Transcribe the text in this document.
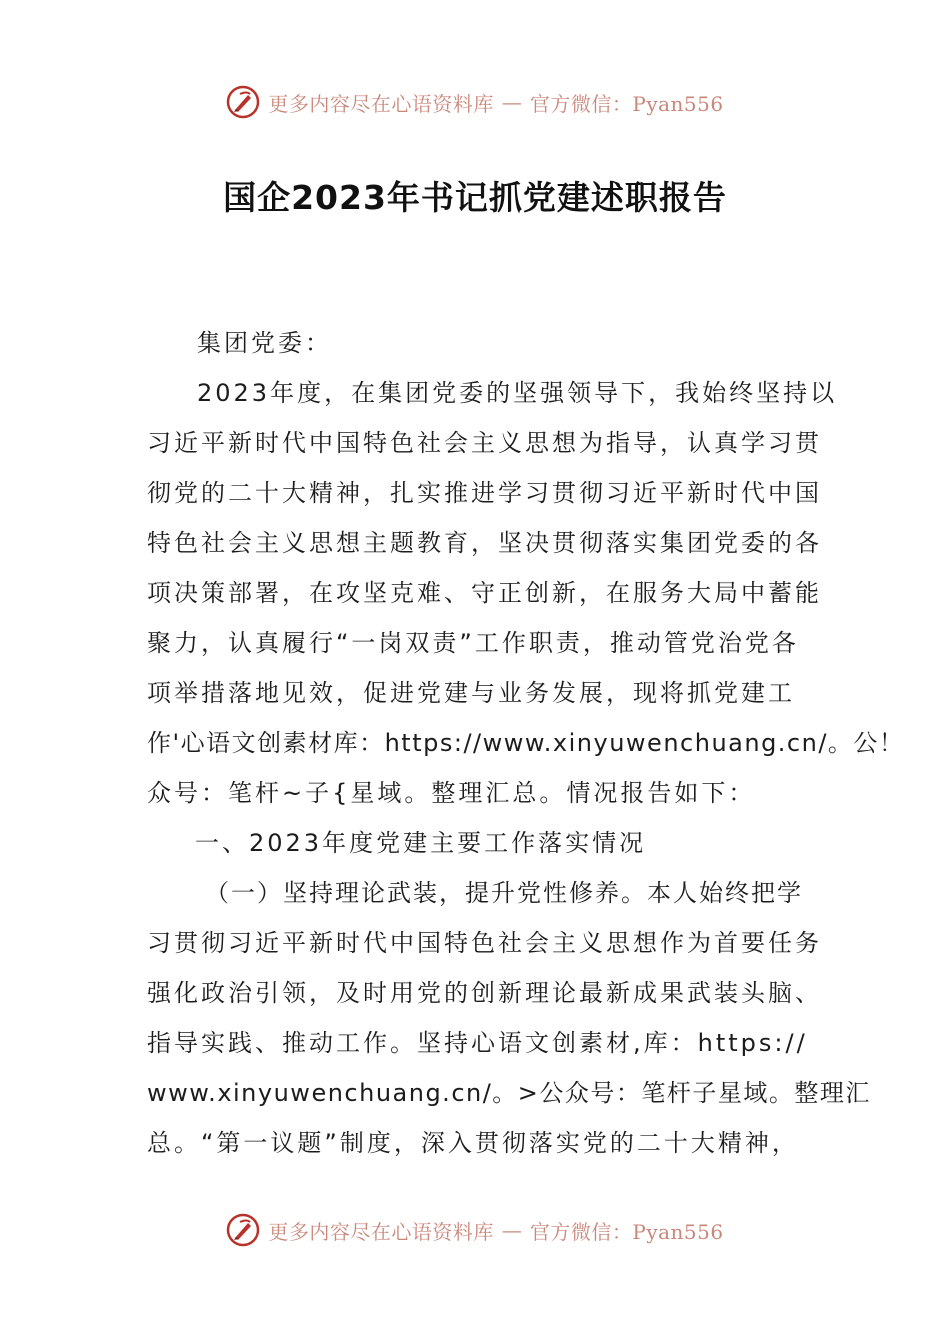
更多内容尽在心语资料库 — 官方微信：Pyan556
国企2023年书记抓党建述职报告
集团党委：
2023年度，在集团党委的坚强领导下，我始终坚持以
习近平新时代中国特色社会主义思想为指导，认真学习贯
彻党的二十大精神，扎实推进学习贯彻习近平新时代中国
特色社会主义思想主题教育，坚决贯彻落实集团党委的各
项决策部署，在攻坚克难、守正创新，在服务大局中蓄能
聚力，认真履行“一岗双责”工作职责，推动管党治党各
项举措落地见效，促进党建与业务发展，现将抓党建工
作'心语文创素材库：https://www.xinyuwenchuang.cn/。公！
众号：笔杆~子{星域。整理汇总。情况报告如下：
一、2023年度党建主要工作落实情况
（一）坚持理论武装，提升党性修养。本人始终把学
习贯彻习近平新时代中国特色社会主义思想作为首要任务
强化政治引领，及时用党的创新理论最新成果武装头脑、
指导实践、推动工作。坚持心语文创素材,库：https://
www.xinyuwenchuang.cn/。>公众号：笔杆子星域。整理汇
总。“第一议题”制度，深入贯彻落实党的二十大精神，
更多内容尽在心语资料库 — 官方微信：Pyan556
